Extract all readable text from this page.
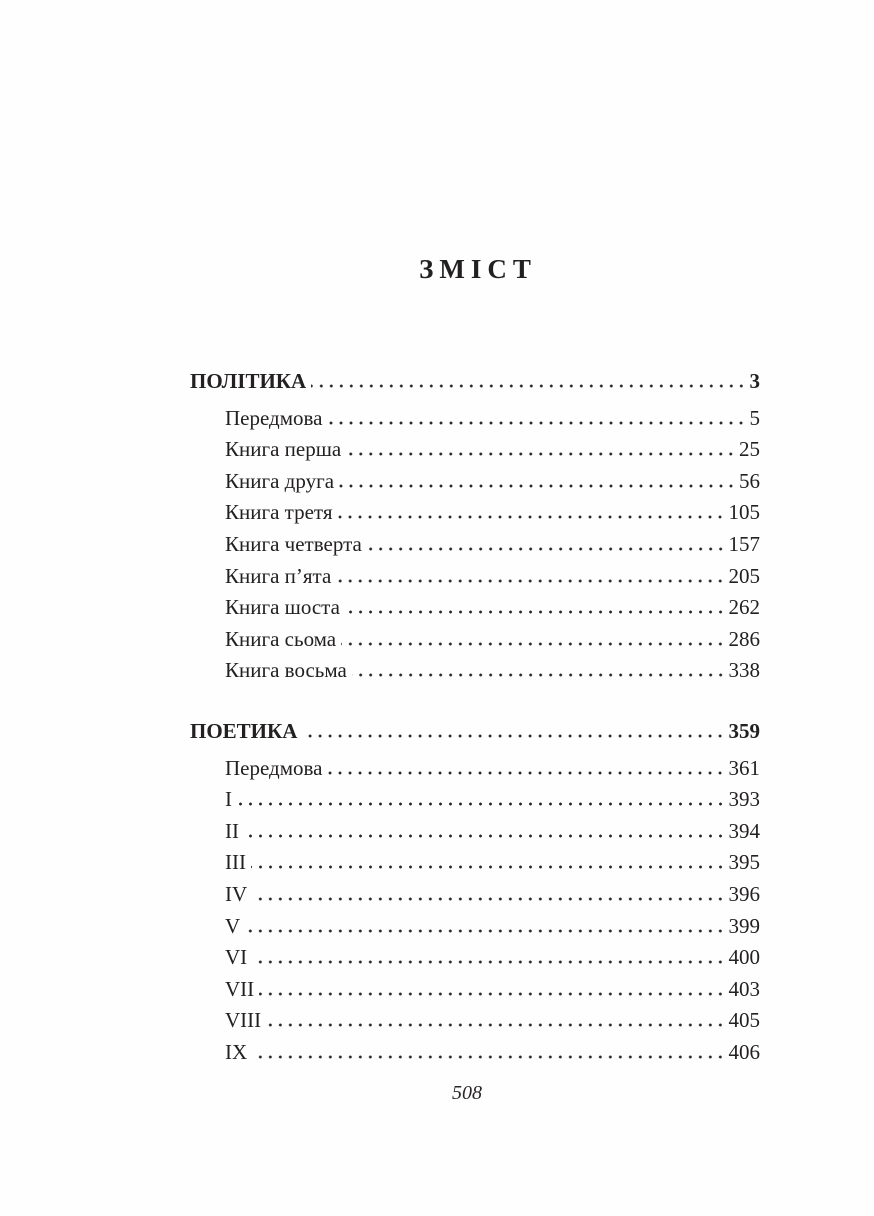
ЗМІСТ
ПОЛІТИКА	3
Передмова	5
Книга перша	25
Книга друга	56
Книга третя	105
Книга четверта	157
Книга п’ята	205
Книга шоста	262
Книга сьома	286
Книга восьма	338
ПОЕТИКА	359
Передмова	361
I	393
II	394
III	395
IV	396
V	399
VI	400
VII	403
VIII	405
IX	406
508
